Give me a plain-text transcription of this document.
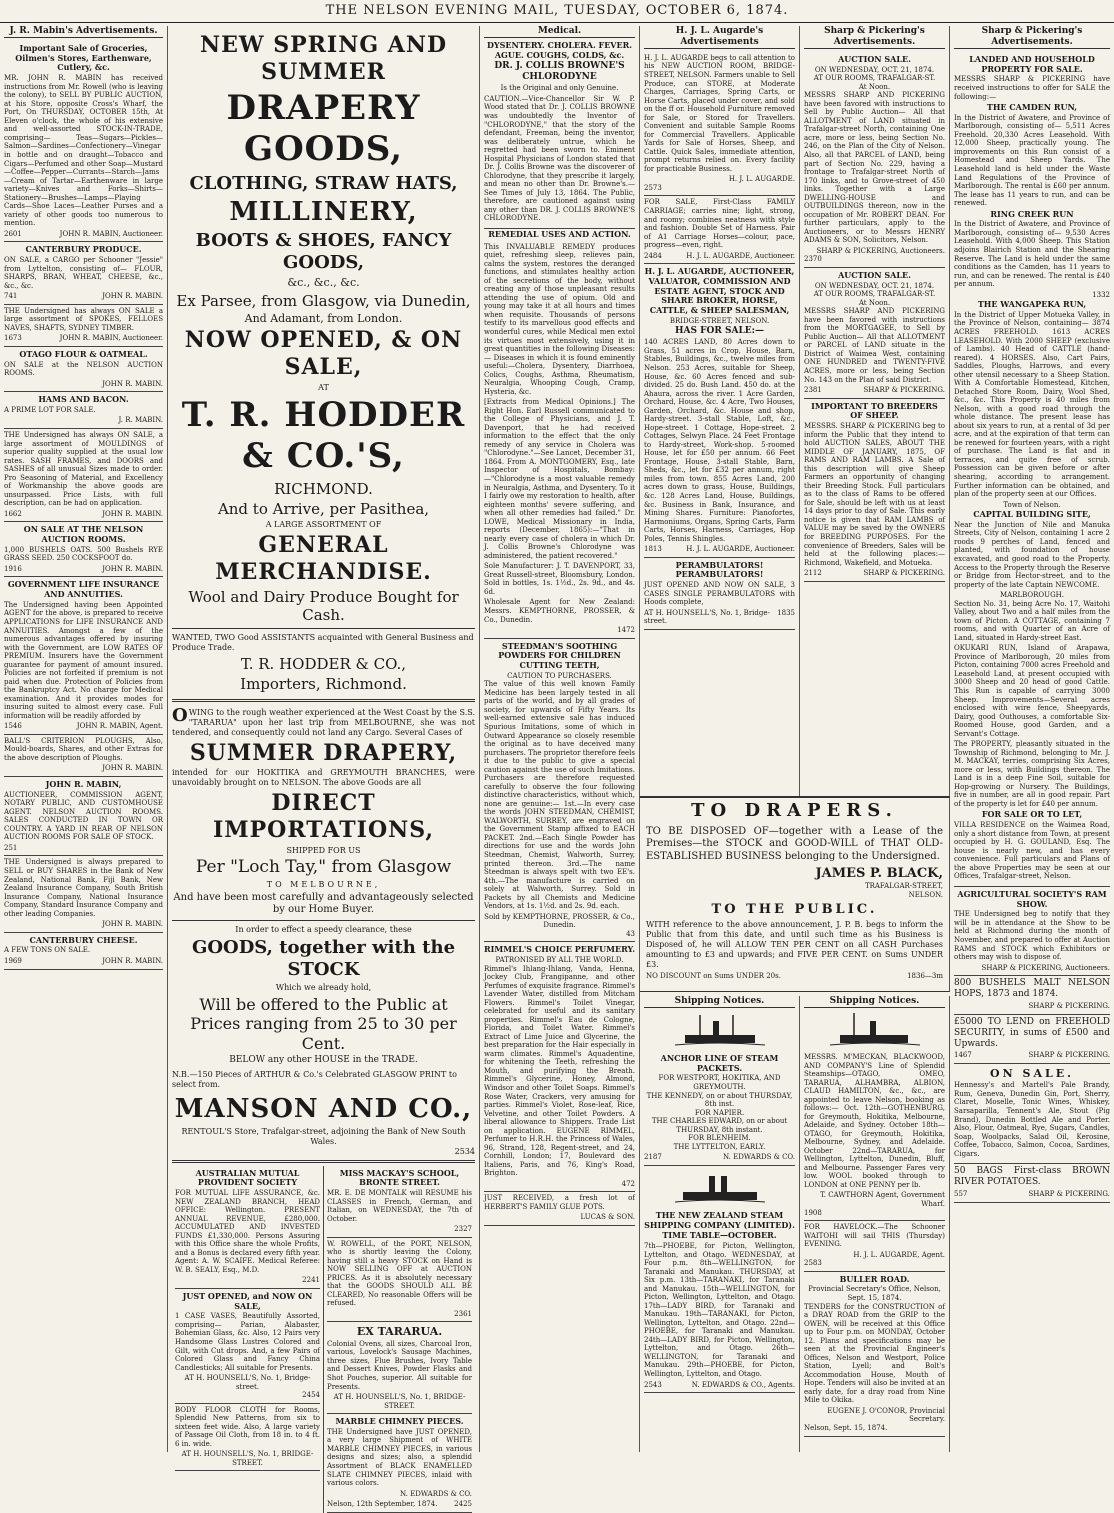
THE NELSON EVENING MAIL, TUESDAY, OCTOBER 6, 1874.
J. R. Mabin's Advertisements.
Important Sale of Groceries, Oilmen's Stores, Earthenware, Cutlery, &c.

MR. JOHN R. MABIN has received instructions from Mr. Rowell (who is leaving the colony), to SELL BY PUBLIC AUCTION, at his Store, opposite Cross's Wharf, the Port, On THURSDAY, OCTOBER 15th, At Eleven o'clock, the whole of his extensive and well-assorted STOCK-IN-TRADE, comprising— Teas—Sugars—Pickles—Salmon—Sardines—Confectionery—Vinegar in bottle and on draught—Tobacco and Cigars—Perfumed and other Soap—Mustard—Coffee—Pepper—Currants—Starch—Jams—Cream of Tartar—Earthenware in large variety—Knives and Forks—Shirts—Stationery—Brushes—Lamps—Playing Cards—Shoe Laces—Leather Purses and a variety of other goods too numerous to mention.

2601	JOHN R. MABIN, Auctioneer.
CANTERBURY PRODUCE.

ON SALE, a CARGO per Schooner "Jessie" from Lyttelton, consisting of— FLOUR, SHARPS, BRAN, WHEAT, CHEESE, &c., &c., &c.

741	JOHN R. MABIN.

THE Undersigned has always ON SALE a large assortment of SPOKES, FELLOES NAVES, SHAFTS, SYDNEY TIMBER.

1673	JOHN R. MABIN, Auctioneer.
OTAGO FLOUR & OATMEAL.

ON SALE at the NELSON AUCTION ROOMS.

JOHN R. MABIN.
HAMS AND BACON.

A PRIME LOT FOR SALE.

J. R. MABIN.

THE Undersigned has always ON SALE, a large assortment of MOULDINGS of superior quality supplied at the usual low rates. SASH FRAMES, and DOORS and SASHES of all unusual Sizes made to order. Pro Seasoning of Material, and Excellency of Workmanship the above goods are unsurpassed. Price Lists, with full description, can be had on application.

1662	JOHN R. MABIN.
ON SALE AT THE NELSON AUCTION ROOMS.

1,000 BUSHELS OATS. 500 Bushels RYE GRASS SEED. 250 COCKSFOOT do.

1916	JOHN R. MABIN.
GOVERNMENT LIFE INSURANCE AND ANNUITIES.

The Undersigned having been Appointed AGENT for the above, is prepared to receive APPLICATIONS for LIFE INSURANCE AND ANNUITIES. Amongst a few of the numerous advantages offered by insuring with the Government, are LOW RATES OF PREMIUM. Insurers have the Government guarantee for payment of amount insured. Policies are not forfeited if premium is not paid when due. Protection of Policies from the Bankruptcy Act. No charge for Medical examination. And it provides modes for insuring suited to almost every case. Full information will be readily afforded by

1546	JOHN R. MABIN, Agent.

BALL'S CRITERION PLOUGHS, Also, Mould-boards, Shares, and other Extras for the above description of Ploughs.

JOHN R. MABIN.
JOHN R. MABIN,

AUCTIONEER, COMMISSION AGENT, NOTARY PUBLIC, AND CUSTOMHOUSE AGENT. NELSON AUCTION ROOMS. SALES CONDUCTED IN TOWN OR COUNTRY. A YARD IN REAR OF NELSON AUCTION ROOMS FOR SALE OF STOCK.

251

THE Undersigned is always prepared to SELL or BUY SHARES in the Bank of New Zealand, National Bank, Fiji Bank, New Zealand Insurance Company, South British Insurance Company, National Insurance Company, Standard Insurance Company and other leading Companies.

JOHN R. MABIN.
CANTERBURY CHEESE.

A FEW TONS ON SALE.

1969	JOHN R. MABIN.
NEW SPRING AND SUMMER
DRAPERY GOODS,
CLOTHING, STRAW HATS,
MILLINERY,
BOOTS & SHOES, FANCY GOODS,
&c., &c., &c.
Ex Parsee, from Glasgow, via Dunedin,
And Adamant, from London.
NOW OPENED, & ON SALE,
AT
T. R. HODDER & CO.'S,
RICHMOND.
And to Arrive, per Pasithea,
A LARGE ASSORTMENT OF
GENERAL MERCHANDISE.
Wool and Dairy Produce Bought for Cash.

WANTED, TWO Good ASSISTANTS acquainted with General Business and Produce Trade.

T. R. HODDER & CO.,
Importers, Richmond.

OWING to the rough weather experienced at the West Coast by the S.S. "TARARUA" upon her last trip from MELBOURNE, she was not tendered, and consequently could not land any Cargo. Several Cases of

SUMMER DRAPERY,

intended for our HOKITIKA and GREYMOUTH BRANCHES, were unavoidably brought on to NELSON. The above Goods are all

DIRECT IMPORTATIONS,
SHIPPED FOR US
Per "Loch Tay," from Glasgow
TO MELBOURNE,

And have been most carefully and advantageously selected by our Home Buyer.

In order to effect a speedy clearance, these

GOODS, together with the STOCK
Which we already hold,
Will be offered to the Public at Prices ranging from 25 to 30 per Cent.
BELOW any other HOUSE in the TRADE.

N.B.—150 Pieces of ARTHUR & Co.'s Celebrated GLASGOW PRINT to select from.

MANSON AND CO.,
RENTOUL'S Store, Trafalgar-street, adjoining the Bank of New South Wales.
2534
AUSTRALIAN MUTUAL PROVIDENT SOCIETY

FOR MUTUAL LIFE ASSURANCE, &c. NEW ZEALAND BRANCH, HEAD OFFICE: Wellington. PRESENT ANNUAL REVENUE, £280,000. ACCUMULATED AND INVESTED FUNDS £1,330,000. Persons Assuring with this Office share the whole Profits, and a Bonus is declared every fifth year. Agent: A. W. SCAIFE. Medical Referee: W. B. SEALY, Esq., M.D.

2241
JUST OPENED, and NOW ON SALE,

1 CASE VASES, Beautifully Assorted, comprising— Parian, Alabaster, Bohemian Glass, &c. Also, 12 Pairs very Handsome Glass Lustres Colored and Gilt, with Cut drops. And, a few Pairs of Colored Glass and Fancy China Candlesticks; All suitable for Presents.

AT H. HOUNSELL'S, No. 1, Bridge-street.
2454

BODY FLOOR CLOTH for Rooms, Splendid New Patterns, from six to sixteen feet wide. Also, A large variety of Passage Oil Cloth, from 18 in. to 4 ft. 6 in. wide.

AT H. HOUNSELL'S, No. 1, BRIDGE-STREET.
MISS MACKAY'S SCHOOL, BRONTE STREET.

MR. E. DE MONTALK will RESUME his CLASSES in French, German, and Italian, on WEDNESDAY, the 7th of October.

2327

W. ROWELL, of the PORT, NELSON, who is shortly leaving the Colony, having still a heavy STOCK on Hand is NOW SELLING OFF at AUCTION PRICES. As it is absolutely necessary that the GOODS SHOULD ALL BE CLEARED, No reasonable Offers will be refused.

2361
EX TARARUA.

Colonial Ovens, all sizes, Charcoal Iron, various, Lovelock's Sausage Machines, three sizes, Flue Brushes, Ivory Table and Dessert Knives, Powder Flasks and Shot Pouches, superior. All suitable for Presents.

AT H. HOUNSELL'S, No. 1, BRIDGE-STREET.
MARBLE CHIMNEY PIECES.

THE Undersigned have JUST OPENED, a very large Shipment of WHITE MARBLE CHIMNEY PIECES, in various designs and sizes; also, a splendid Assortment of BLACK ENAMELLED SLATE CHIMNEY PIECES, inlaid with various colors.

N. EDWARDS & CO.
Nelson, 12th September, 1874. 2425
Medical.
DYSENTERY. CHOLERA. FEVER. AGUE. COUGHS, COLDS, &c.
DR. J. COLLIS BROWNE'S CHLORODYNE
Is the Original and only Genuine.

CAUTION.—Vice-Chancellor Sir W. P. Wood stated that Dr. J. COLLIS BROWNE was undoubtedly the Inventor of "CHLORODYNE," that the story of the defendant, Freeman, being the inventor, was deliberately untrue, which he regretted had been sworn to. Eminent Hospital Physicians of London stated that Dr. J. Collis Browne was the discoverer of Chlorodyne, that they prescribe it largely, and mean no other than Dr. Browne's.—See Times of July 13, 1864. The Public, therefore, are cautioned against using any other than DR. J. COLLIS BROWNE'S CHLORODYNE.

REMEDIAL USES AND ACTION.

This INVALUABLE REMEDY produces quiet, refreshing sleep, relieves pain, calms the system, restores the deranged functions, and stimulates healthy action of the secretions of the body, without creating any of those unpleasant results attending the use of opium. Old and young may take it at all hours and times when requisite. Thousands of persons testify to its marvellous good effects and wonderful cures, while Medical men extol its virtues most extensively, using it in great quantities in the following Diseases:— Diseases in which it is found eminently useful:—Cholera, Dysentery, Diarrhoea, Colics, Coughs, Asthma, Rheumatism, Neuralgia, Whooping Cough, Cramp, Hysteria, &c.

[Extracts from Medical Opinions.] The Right Hon. Earl Russell communicated to the College of Physicians, and J. T. Davenport, that he had received information to the effect that the only remedy of any service in Cholera was "Chlorodyne."—See Lancet, December 31, 1864. From A. MONTGOMERY, Esq., late Inspector of Hospitals, Bombay:—"Chlorodyne is a most valuable remedy in Neuralgia, Asthma, and Dysentery. To it I fairly owe my restoration to health, after eighteen months' severe suffering, and when all other remedies had failed." Dr. LOWE, Medical Missionary in India, reports (December, 1865):—"That in nearly every case of cholera in which Dr. J. Collis Browne's Chlorodyne was administered, the patient recovered."

Sole Manufacturer: J. T. DAVENPORT, 33, Great Russell-street, Bloomsbury, London. Sold in bottles, 1s. 1½d., 2s. 9d., and 4s. 6d.

Wholesale Agent for New Zealand: Messrs. KEMPTHORNE, PROSSER, & Co., Dunedin.

1472
STEEDMAN'S SOOTHING POWDERS FOR CHILDREN CUTTING TEETH,
CAUTION TO PURCHASERS.

The value of this well known Family Medicine has been largely tested in all parts of the world, and by all grades of society, for upwards of Fifty Years. Its well-earned extensive sale has induced Spurious Imitations, some of which in Outward Appearance so closely resemble the original as to have deceived many purchasers. The proprietor therefore feels it due to the public to give a special caution against the use of such Imitations. Purchasers are therefore requested carefully to observe the four following distinctive characteristics, without which, none are genuine:— 1st.—In every case the words JOHN STEEDMAN, CHEMIST, WALWORTH, SURREY, are engraved on the Government Stamp affixed to EACH PACKET. 2nd.—Each Single Powder has directions for use and the words John Steedman, Chemist, Walworth, Surrey, printed thereon. 3rd.—The name Steedman is always spelt with two EE's. 4th.—The manufacture is carried on solely at Walworth, Surrey. Sold in Packets by all Chemists and Medicine Vendors, at 1s. 1½d. and 2s. 9d. each.

Sold by KEMPTHORNE, PROSSER, & Co., Dunedin.
43
RIMMEL'S CHOICE PERFUMERY.
PATRONISED BY ALL THE WORLD.

Rimmel's Ihlang-Ihlang, Vanda, Henna, Jockey Club, Frangipanne, and other Perfumes of exquisite fragrance. Rimmel's Lavender Water, distilled from Mitcham Flowers. Rimmel's Toilet Vinegar, celebrated for useful and its sanitary properties. Rimmel's Eau de Cologne, Florida, and Toilet Water. Rimmel's Extract of Lime Juice and Glycerine, the best preparation for the Hair especially in warm climates. Rimmel's Aquadentine, for whitening the Teeth, refreshing the Mouth, and purifying the Breath. Rimmel's Glycerine, Honey, Almond, Windsor and other Toilet Soaps. Rimmel's Rose Water, Crackers, very amusing for parties. Rimmel's Violet, Rose-leaf, Rice, Velvetine, and other Toilet Powders. A liberal allowance to Shippers. Trade List on application. EUGENE RIMMEL, Perfumer to H.R.H. the Princess of Wales, 96, Strand, 128, Regent-street, and 24, Cornhill, London; 17, Boulevard des Italiens, Paris, and 76, King's Road, Brighton.

472

JUST RECEIVED, a fresh lot of HERBERT'S FAMILY GLUE POTS.

LUCAS & SON.
H. J. L. Augarde's Advertisements

H. J. L. AUGARDE begs to call attention to his NEW AUCTION ROOM, BRIDGE-STREET, NELSON. Farmers unable to Sell Produce, can STORE, at Moderate Charges, Carriages, Spring Carts, or Horse Carts, placed under cover, and sold on the ff or. Household Furniture removed for Sale, or Stored for Travellers. Convenient and suitable Sample Rooms for Commercial Travellers. Applicable Yards for Sale of Horses, Sheep, and Cattle. Quick Sales, immediate attention, prompt returns relied on. Every facility for practicable Business.

H. J. L. AUGARDE.
2573

FOR SALE, First-Class FAMILY CARRIAGE; carries nine; light, strong, and roomy; combines neatness with style and fashion. Double Set of Harness. Pair of A1 Carriage Horses—colour, pace, progress—even, right.

2484	H. J. L. AUGARDE, Auctioneer.
H. J. L. AUGARDE, AUCTIONEER, VALUATOR, COMMISSION AND ESTATE AGENT, STOCK AND SHARE BROKER, HORSE, CATTLE, & SHEEP SALESMAN,
BRIDGE-STREET, NELSON.
HAS FOR SALE:—

140 ACRES LAND, 80 Acres down to Grass, 51 acres in Crop, House, Barn, Stables, Buildings, &c., twelve miles from Nelson. 253 Acres, suitable for Sheep, House, &c. 60 Acres fenced and sub-divided. 25 do. Bush Land. 450 do. at the Ahaura, across the river. 1 Acre Garden, Orchard, House, &c. 4 Acre, Two Houses, Garden, Orchard, &c. House and shop, Hardy-street. 3-stall Stable, Loft, &c., Hope-street. 1 Cottage, Hope-street. 2 Cottages, Selwyn Place. 24 Feet Frontage to Hardy-street, Work-shop. 5-roomed House, let for £50 per annum. 66 Feet Frontage, House, 3-stall Stable, Barn, Sheds, &c., let for £32 per annum, right miles from town. 855 Acres Land, 200 acres down to grass, House, Buildings, &c. 128 Acres Land, House, Buildings, &c. Business in Bank, Insurance, and Mining Shares. Furniture: Pianofortes, Harmoniums, Organs, Spring Carts, Farm Carts, Horses, Harness, Carriages, Hop Poles, Tennis Shingles.

1813	H. J. L. AUGARDE, Auctioneer.
PERAMBULATORS! PERAMBULATORS!

JUST OPENED AND NOW ON SALE, 3 CASES SINGLE PERAMBULATORS with Hoods complete,

AT H. HOUNSELL'S, No. 1, Bridge-street.
1835
Sharp & Pickering's Advertisements.
AUCTION SALE.
ON WEDNESDAY, OCT. 21, 1874.
AT OUR ROOMS, TRAFALGAR-ST.
At Noon.

MESSRS SHARP AND PICKERING have been favored with instructions to Sell by Public Auction— All that ALLOTMENT of LAND situated in Trafalgar-street North, containing One acre, more or less, being Section No. 246, on the Plan of the City of Nelson. Also, all that PARCEL of LAND, being part of Section No. 229, having a frontage to Trafalgar-street North of 170 links, and to Grove-street of 450 links. Together with a Large DWELLING-HOUSE and OUTBUILDINGS thereon, now in the occupation of Mr. ROBERT DEAN. For further particulars, apply to the Auctioneers, or to Messrs HENRY ADAMS & SON, Solicitors, Nelson.

SHARP & PICKERING, Auctioneers.
2370
AUCTION SALE.
ON WEDNESDAY, OCT. 21, 1874.
AT OUR ROOMS, TRAFALGAR-ST.
At Noon.

MESSRS SHARP AND PICKERING have been favored with instructions from the MORTGAGEE, to Sell by Public Auction— All that ALLOTMENT or PARCEL of LAND situate in the District of Waimea West, containing ONE HUNDRED and TWENTY-FIVE ACRES, more or less, being Section No. 143 on the Plan of said District.

2381	SHARP & PICKERING.
IMPORTANT TO BREEDERS OF SHEEP.

MESSRS. SHARP & PICKERING beg to inform the Public that they intend to hold AUCTION SALES, ABOUT THE MIDDLE OF JANUARY, 1875, OF RAMS AND RAM LAMBS. A Sale of this description will give Sheep Farmers an opportunity of changing their Breeding Stock. Full particulars as to the class of Rams to be offered for Sale, should be left with us at least 14 days prior to day of Sale. This early notice is given that RAM LAMBS of VALUE may be saved by the OWNERS for BREEDING PURPOSES. For the convenience of Breeders, Sales will be held at the following places:— Richmond, Wakefield, and Motueka.

2112	SHARP & PICKERING.
TO DRAPERS.

TO BE DISPOSED OF—together with a Lease of the Premises—the STOCK and GOOD-WILL of THAT OLD-ESTABLISHED BUSINESS belonging to the Undersigned.

JAMES P. BLACK,
TRAFALGAR-STREET,
NELSON.
TO THE PUBLIC.

WITH reference to the above announcement, J. P. B. begs to inform the Public that from this date, and until such time as his Business is Disposed of, he will ALLOW TEN PER CENT on all CASH Purchases amounting to £3 and upwards; and FIVE PER CENT. on Sums UNDER £3.

NO DISCOUNT on Sums UNDER 20s.	1836—3m
Shipping Notices.
ANCHOR LINE OF STEAM PACKETS.
FOR WESTPORT, HOKITIKA, AND GREYMOUTH.
THE KENNEDY, on or about THURSDAY, 8th inst.
FOR NAPIER.
THE CHARLES EDWARD, on or about THURSDAY, 8th instant.
FOR BLENHEIM.
THE LYTTELTON, EARLY.
2187	N. EDWARDS & CO.
THE NEW ZEALAND STEAM SHIPPING COMPANY (LIMITED).
TIME TABLE—OCTOBER.

7th—PHOEBE, for Picton, Wellington, Lyttelton, and Otago. WEDNESDAY, at Four p.m. 8th—WELLINGTON, for Taranaki and Manukau. THURSDAY, at Six p.m. 13th—TARANAKI, for Taranaki and Manukau. 15th—WELLINGTON, for Picton, Wellington, Lyttelton, and Otago. 17th—LADY BIRD, for Taranaki and Manukau. 19th—TARANAKI, for Picton, Wellington, Lyttelton, and Otago. 22nd—PHOEBE, for Taranaki and Manukau. 24th—LADY BIRD, for Picton, Wellington, Lyttelton, and Otago. 26th—WELLINGTON, for Taranaki and Manukau. 29th—PHOEBE, for Picton, Wellington, Lyttelton, and Otago.

2543	N. EDWARDS & CO., Agents.
Shipping Notices.

MESSRS. M'MECKAN, BLACKWOOD, AND COMPANY'S Line of Splendid Steamships—OTAGO, OMEO, TARARUA, ALHAMBRA, ALBION, CLAUD HAMILTON, &c., &c., are appointed to leave Nelson, booking as follows:— Oct. 12th—GOTHENBURG, for Greymouth, Hokitika, Melbourne, Adelaide, and Sydney. October 18th—OTAGO, for Greymouth, Hokitika, Melbourne, Sydney, and Adelaide. October 22nd—TARARUA, for Wellington, Lyttelton, Dunedin, Bluff, and Melbourne. Passenger Fares very low. WOOL booked through to LONDON at ONE PENNY per lb.

T. CAWTHORN Agent, Government Wharf.
1908

FOR HAVELOCK.—The Schooner WAITOHI will sail THIS (Thursday) EVENING.

H. J. L. AUGARDE, Agent.
2583
BULLER ROAD.
Provincial Secretary's Office, Nelson, Sept. 15, 1874.

TENDERS for the CONSTRUCTION of a DRAY ROAD from the GRIP to the OWEN, will be received at this Office up to Four p.m. on MONDAY, October 12. Plans and specifications may be seen at the Provincial Engineer's Offices, Nelson and Westport, Police Station, Lyell; and Bolt's Accommodation House, Mouth of Hope. Tenders will also be invited at an early date, for a dray road from Nine Mile to Okika.

EUGENE J. O'CONOR, Provincial Secretary.
Nelson, Sept. 15, 1874.
Sharp & Pickering's Advertisements.
LANDED AND HOUSEHOLD PROPERTY FOR SALE.

MESSRS SHARP & PICKERING have received instructions to offer for SALE the following:—

THE CAMDEN RUN,

In the District of Awatere, and Province of Marlborough, consisting of— 5,511 Acres Freehold. 20,330 Acres Leasehold. With 12,000 Sheep, practically young. The improvements on this Run consist of a Homestead and Sheep Yards. The Leasehold land is held under the Waste Land Regulations of the Province of Marlborough. The rental is £60 per annum. The lease has 11 years to run, and can be renewed.

RING CREEK RUN

In the District of Awatere, and Province of Marlborough, consisting of— 9,530 Acres Leasehold. With 4,000 Sheep. This Station adjoins Blairich Station and the Shearing Reserve. The Land is held under the same conditions as the Camden, has 11 years to run, and can be renewed. The rental is £40 per annum.

1332
THE WANGAPEKA RUN,

In the District of Upper Motueka Valley, in the Province of Nelson, containing— 3874 ACRES FREEHOLD. 1613 ACRES LEASEHOLD. With 2000 SHEEP (exclusive of Lambs). 40 Head of CATTLE (hand-reared). 4 HORSES. Also, Cart Pairs, Saddles, Ploughs, Harrows, and every other utensil necessary to a Sheep Station. With A Comfortable Homestead, Kitchen, Detached Store Room, Dairy, Wool Shed, &c., &c. This Property is 40 miles from Nelson, with a good road through the whole distance. The present lease has about six years to run, at a rental of 3d per acre, and at the expiration of that term can be renewed for fourteen years, with a right of purchase. The Land is flat and in terraces, and quite free of scrub. Possession can be given before or after shearing, according to arrangement. Further information can be obtained, and plan of the property seen at our Offices.

Town of Nelson.
CAPITAL BUILDING SITE,

Near the Junction of Nile and Manuka Streets, City of Nelson, containing 1 acre 2 roods 9 perches of Land, fenced and planted, with foundation of house excavated, and good road to the Property. Access to the Property through the Reserve or Bridge from Hector-street, and to the property of the late Captain NEWCOME.

MARLBOROUGH.

Section No. 31, being Acre No. 17, Waitohi Valley, about Two and a half miles from the town of Picton. A COTTAGE, containing 7 rooms, and with Quarter of an Acre of Land, situated in Hardy-street East.

OKUKARI RUN, Island of Arapawa, Province of Marlborough, 20 miles from Picton, containing 7000 acres Freehold and Leasehold Land, at present occupied with 3000 Sheep and 20 head of good Cattle. This Run is capable of carrying 3000 Sheep. Improvements—Several acres enclosed with wire fence, Sheepyards, Dairy, good Outhouses, a comfortable Six-Roomed House, good Garden, and a Servant's Cottage.

The PROPERTY, pleasantly situated in the Township of Richmond, belonging to Mr. J. M. MACKAY, terries, comprising Six Acres, more or less, with Buildings thereon. The Land is in a deep Fine Soil, suitable for Hop-growing or Nursery. The Buildings, five in number, are all in good repair. Part of the property is let for £40 per annum.

FOR SALE OR TO LET,

VILLA RESIDENCE on the Waimea Road, only a short distance from Town, at present occupied by H. G. GOULAND, Esq. The house is nearly new, and has every convenience. Full particulars and Plans of the above Properties may be seen at our Offices, Trafalgar-street, Nelson.

AGRICULTURAL SOCIETY'S RAM SHOW.

THE Undersigned beg to notify that they will be in attendance at the Show to be held at Richmond during the month of November, and prepared to offer at Auction RAMS and STOCK which Exhibitors or others may wish to dispose of.

SHARP & PICKERING, Auctioneers.

800 BUSHELS MALT NELSON HOPS, 1873 and 1874.

SHARP & PICKERING.

£5000 TO LEND on FREEHOLD SECURITY, in sums of £500 and Upwards.

1467	SHARP & PICKERING.
ON SALE.

Hennessy's and Martell's Pale Brandy, Rum, Geneva, Dunedin Gin, Port, Sherry, Claret, Moselle, Tonic Wines, Whiskey, Sarsaparilla, Tennent's Ale, Stout (Pig Brand), Dunedin Bottled Ale and Porter. Also, Flour, Oatmeal, Rye, Sugars, Candles, Soap, Woolpacks, Salad Oil, Kerosine, Coffee, Tobacco, Salmon, Cocoa, Sardines, Cigars.

50 BAGS First-class BROWN RIVER POTATOES.

557	SHARP & PICKERING.
